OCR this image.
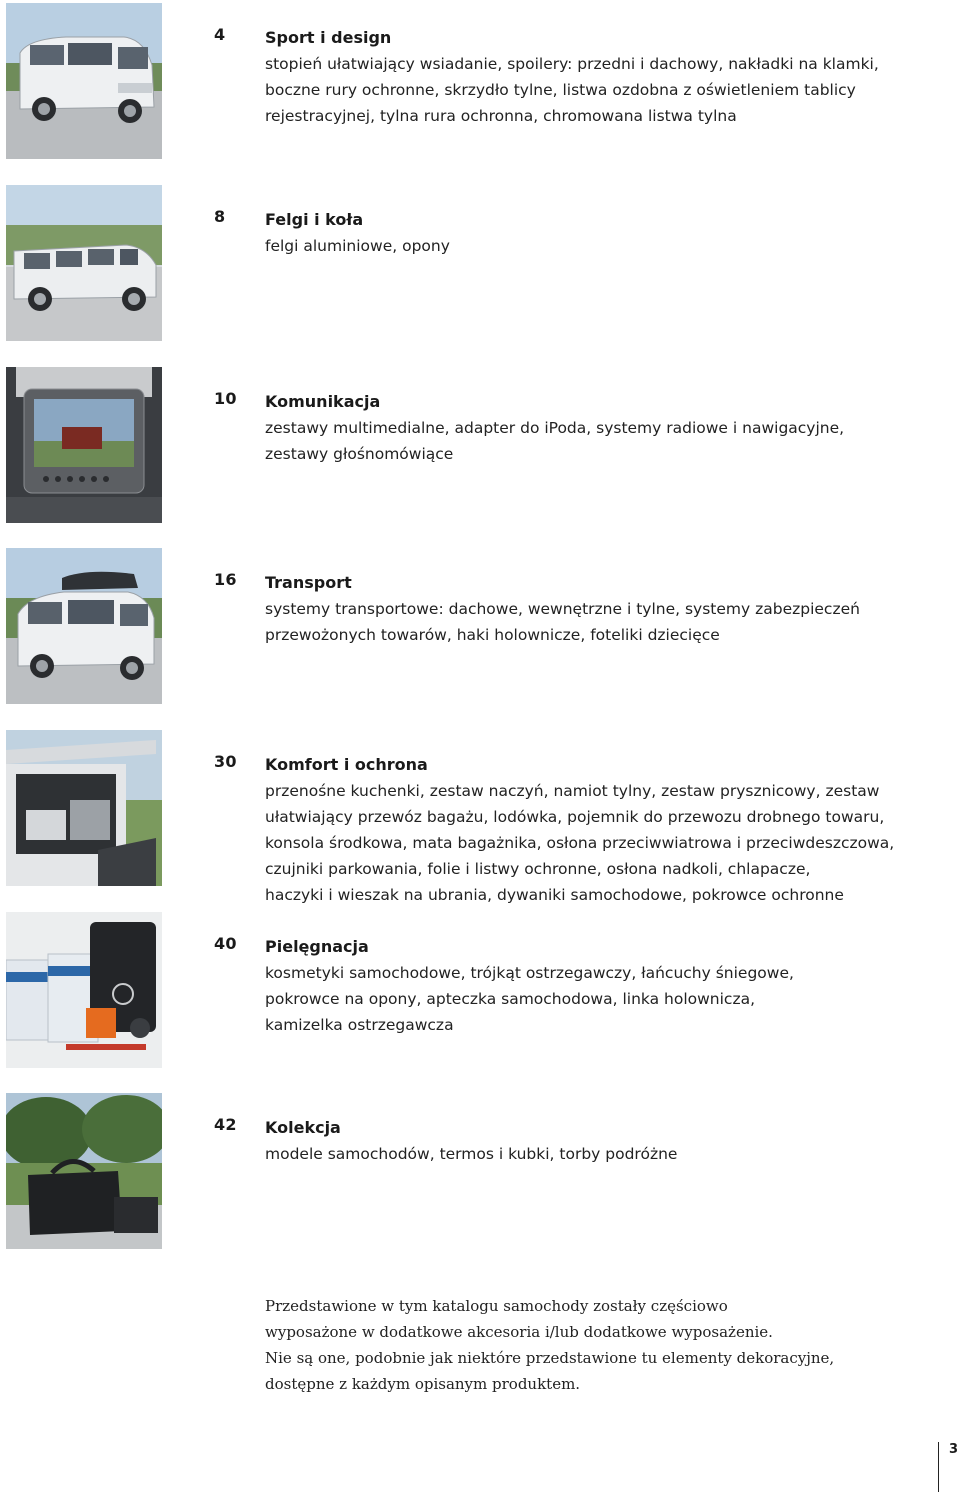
4 Sport i design
stopień ułatwiający wsiadanie, spoilery: przedni i dachowy, nakładki na klamki,
boczne rury ochronne, skrzydło tylne, listwa ozdobna z oświetleniem tablicy
rejestracyjnej, tylna rura ochronna, chromowana listwa tylna
8 Felgi i koła
felgi aluminiowe, opony
10 Komunikacja
zestawy multimedialne, adapter do iPoda, systemy radiowe i nawigacyjne,
zestawy głośnomówiące
16 Transport
systemy transportowe: dachowe, wewnętrzne i tylne, systemy zabezpieczeń
przewożonych towarów, haki holownicze, foteliki dziecięce
30 Komfort i ochrona
przenośne kuchenki, zestaw naczyń, namiot tylny, zestaw prysznicowy, zestaw
ułatwiający przewóz bagażu, lodówka, pojemnik do przewozu drobnego towaru,
konsola środkowa, mata bagażnika, osłona przeciwwiatrowa i przeciwdeszczowa,
czujniki parkowania, folie i listwy ochronne, osłona nadkoli, chlapacze,
haczyki i wieszak na ubrania, dywaniki samochodowe, pokrowce ochronne
40 Pielęgnacja
kosmetyki samochodowe, trójkąt ostrzegawczy, łańcuchy śniegowe,
pokrowce na opony, apteczka samochodowa, linka holownicza,
kamizelka ostrzegawcza
42 Kolekcja
modele samochodów, termos i kubki, torby podróżne
Przedstawione w tym katalogu samochody zostały częściowo
wyposażone w dodatkowe akcesoria i/lub dodatkowe wyposażenie.
Nie są one, podobnie jak niektóre przedstawione tu elementy dekoracyjne,
dostępne z każdym opisanym produktem.
3
